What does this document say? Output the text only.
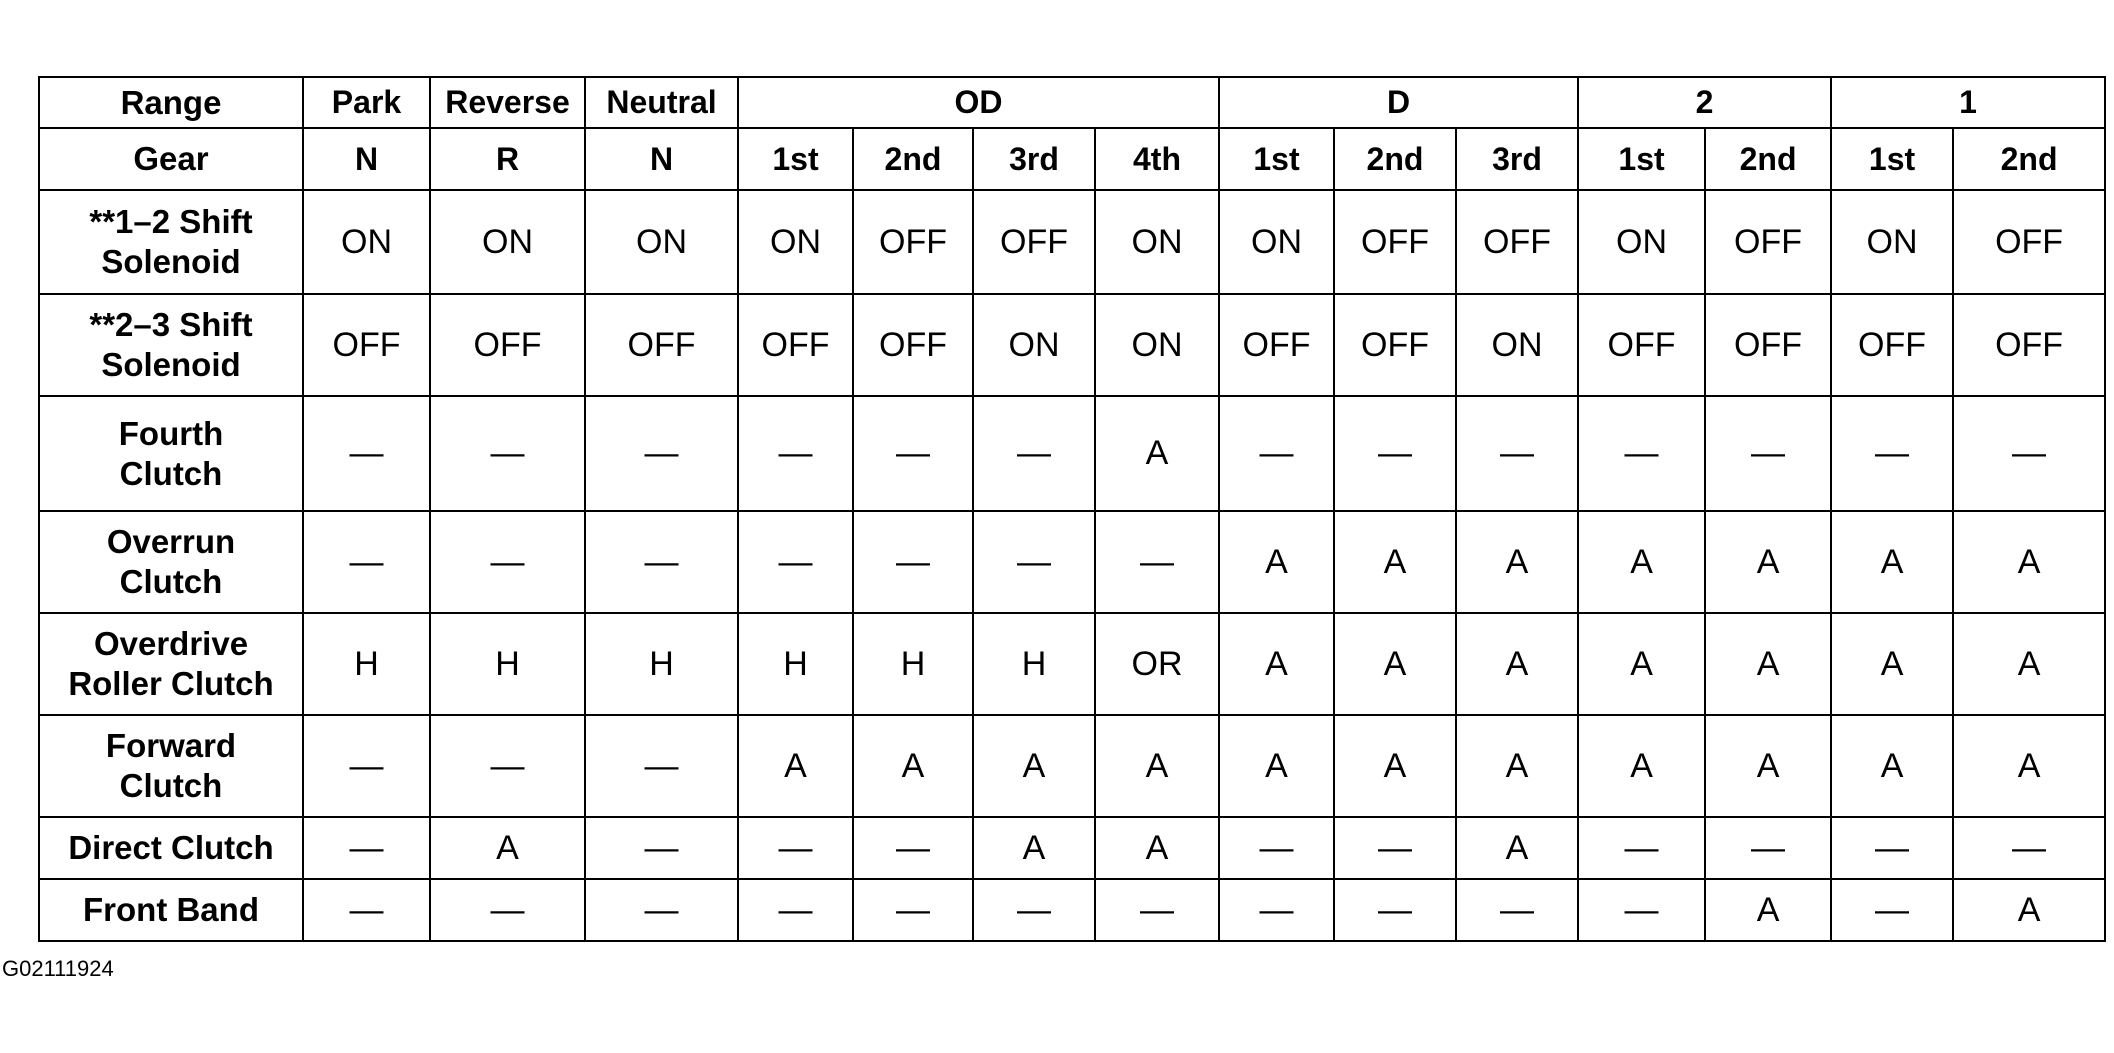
Range	Park	Reverse	Neutral	OD				D			2		1	
Gear	N	R	N	1st	2nd	3rd	4th	1st	2nd	3rd	1st	2nd	1st	2nd
**1–2 Shift
Solenoid	ON	ON	ON	ON	OFF	OFF	ON	ON	OFF	OFF	ON	OFF	ON	OFF
**2–3 Shift
Solenoid	OFF	OFF	OFF	OFF	OFF	ON	ON	OFF	OFF	ON	OFF	OFF	OFF	OFF
Fourth
Clutch	—	—	—	—	—	—	A	—	—	—	—	—	—	—
Overrun
Clutch	—	—	—	—	—	—	—	A	A	A	A	A	A	A
Overdrive
Roller Clutch	H	H	H	H	H	H	OR	A	A	A	A	A	A	A
Forward
Clutch	—	—	—	A	A	A	A	A	A	A	A	A	A	A
Direct Clutch	—	A	—	—	—	A	A	—	—	A	—	—	—	—
Front Band	—	—	—	—	—	—	—	—	—	—	—	A	—	A
G02111924
